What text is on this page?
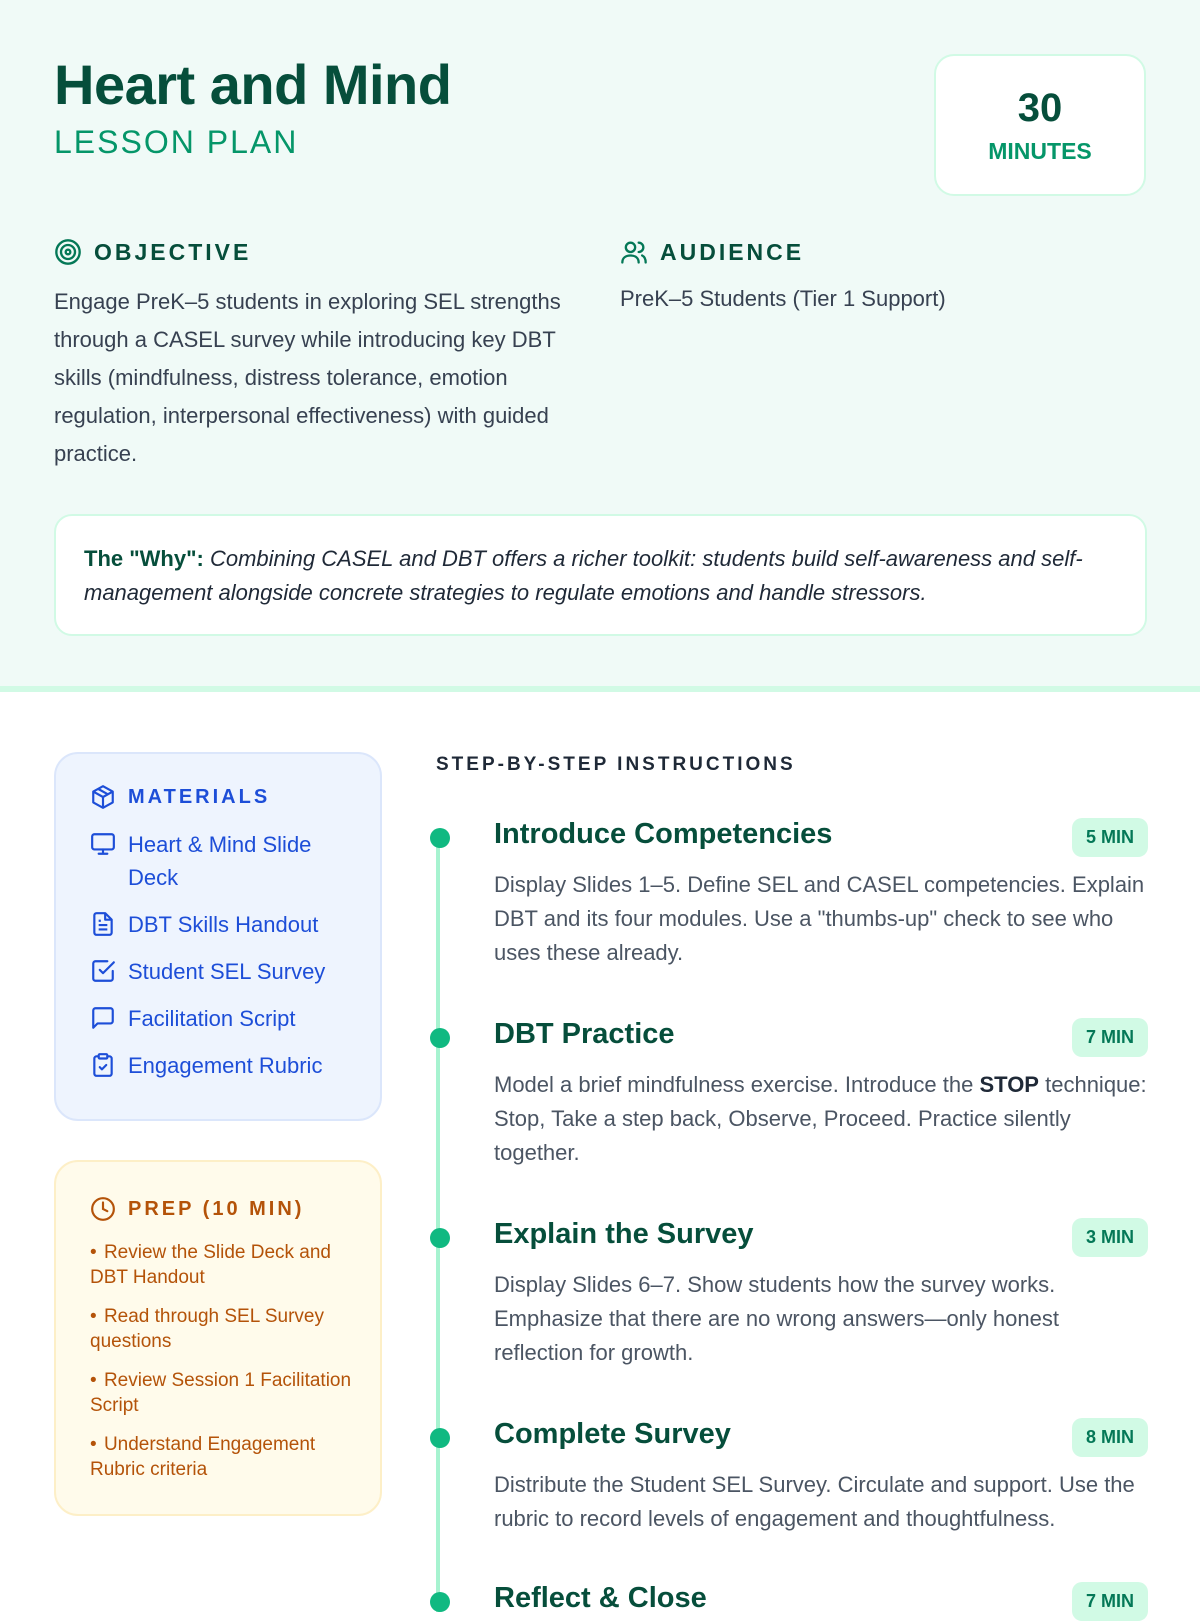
Heart and Mind
LESSON PLAN
30
MINUTES
OBJECTIVE

Engage PreK–5 students in exploring SEL strengths through a CASEL survey while introducing key DBT skills (mindfulness, distress tolerance, emotion regulation, interpersonal effectiveness) with guided practice.

AUDIENCE

PreK–5 Students (Tier 1 Support)

The "Why": Combining CASEL and DBT offers a richer toolkit: students build self-awareness and self-management alongside concrete strategies to regulate emotions and handle stressors.
MATERIALS
Heart & Mind Slide Deck
DBT Skills Handout
Student SEL Survey
Facilitation Script
Engagement Rubric
PREP (10 MIN)
• Review the Slide Deck and DBT Handout
• Read through SEL Survey questions
• Review Session 1 Facilitation Script
• Understand Engagement Rubric criteria
STEP-BY-STEP INSTRUCTIONS
Introduce Competencies	5 MIN

Display Slides 1–5. Define SEL and CASEL competencies. Explain DBT and its four modules. Use a "thumbs-up" check to see who uses these already.

DBT Practice	7 MIN

Model a brief mindfulness exercise. Introduce the STOP technique: Stop, Take a step back, Observe, Proceed. Practice silently together.

Explain the Survey	3 MIN

Display Slides 6–7. Show students how the survey works. Emphasize that there are no wrong answers—only honest reflection for growth.

Complete Survey	8 MIN

Distribute the Student SEL Survey. Circulate and support. Use the rubric to record levels of engagement and thoughtfulness.

Reflect & Close	7 MIN
